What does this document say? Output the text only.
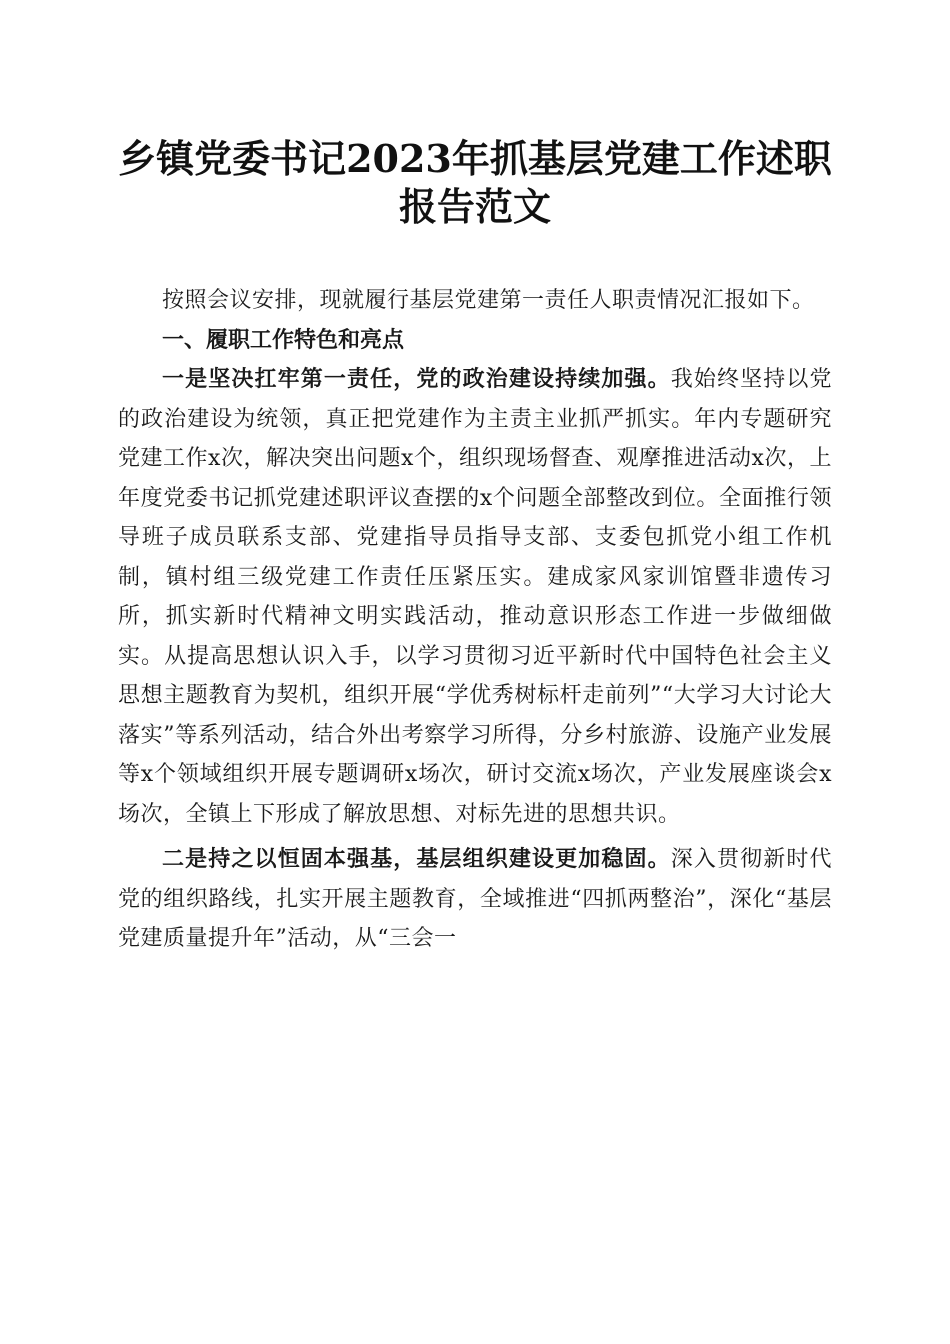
乡镇党委书记2023年抓基层党建工作述职报告范文

按照会议安排，现就履行基层党建第一责任人职责情况汇报如下。

一、履职工作特色和亮点

一是坚决扛牢第一责任，党的政治建设持续加强。我始终坚持以党的政治建设为统领，真正把党建作为主责主业抓严抓实。年内专题研究党建工作x次，解决突出问题x个，组织现场督查、观摩推进活动x次，上年度党委书记抓党建述职评议查摆的x个问题全部整改到位。全面推行领导班子成员联系支部、党建指导员指导支部、支委包抓党小组工作机制，镇村组三级党建工作责任压紧压实。建成家风家训馆暨非遗传习所，抓实新时代精神文明实践活动，推动意识形态工作进一步做细做实。从提高思想认识入手，以学习贯彻习近平新时代中国特色社会主义思想主题教育为契机，组织开展“学优秀树标杆走前列”“大学习大讨论大落实”等系列活动，结合外出考察学习所得，分乡村旅游、设施产业发展等x个领域组织开展专题调研x场次，研讨交流x场次，产业发展座谈会x场次，全镇上下形成了解放思想、对标先进的思想共识。

二是持之以恒固本强基，基层组织建设更加稳固。深入贯彻新时代党的组织路线，扎实开展主题教育，全域推进“四抓两整治”，深化“基层党建质量提升年”活动，从“三会一
